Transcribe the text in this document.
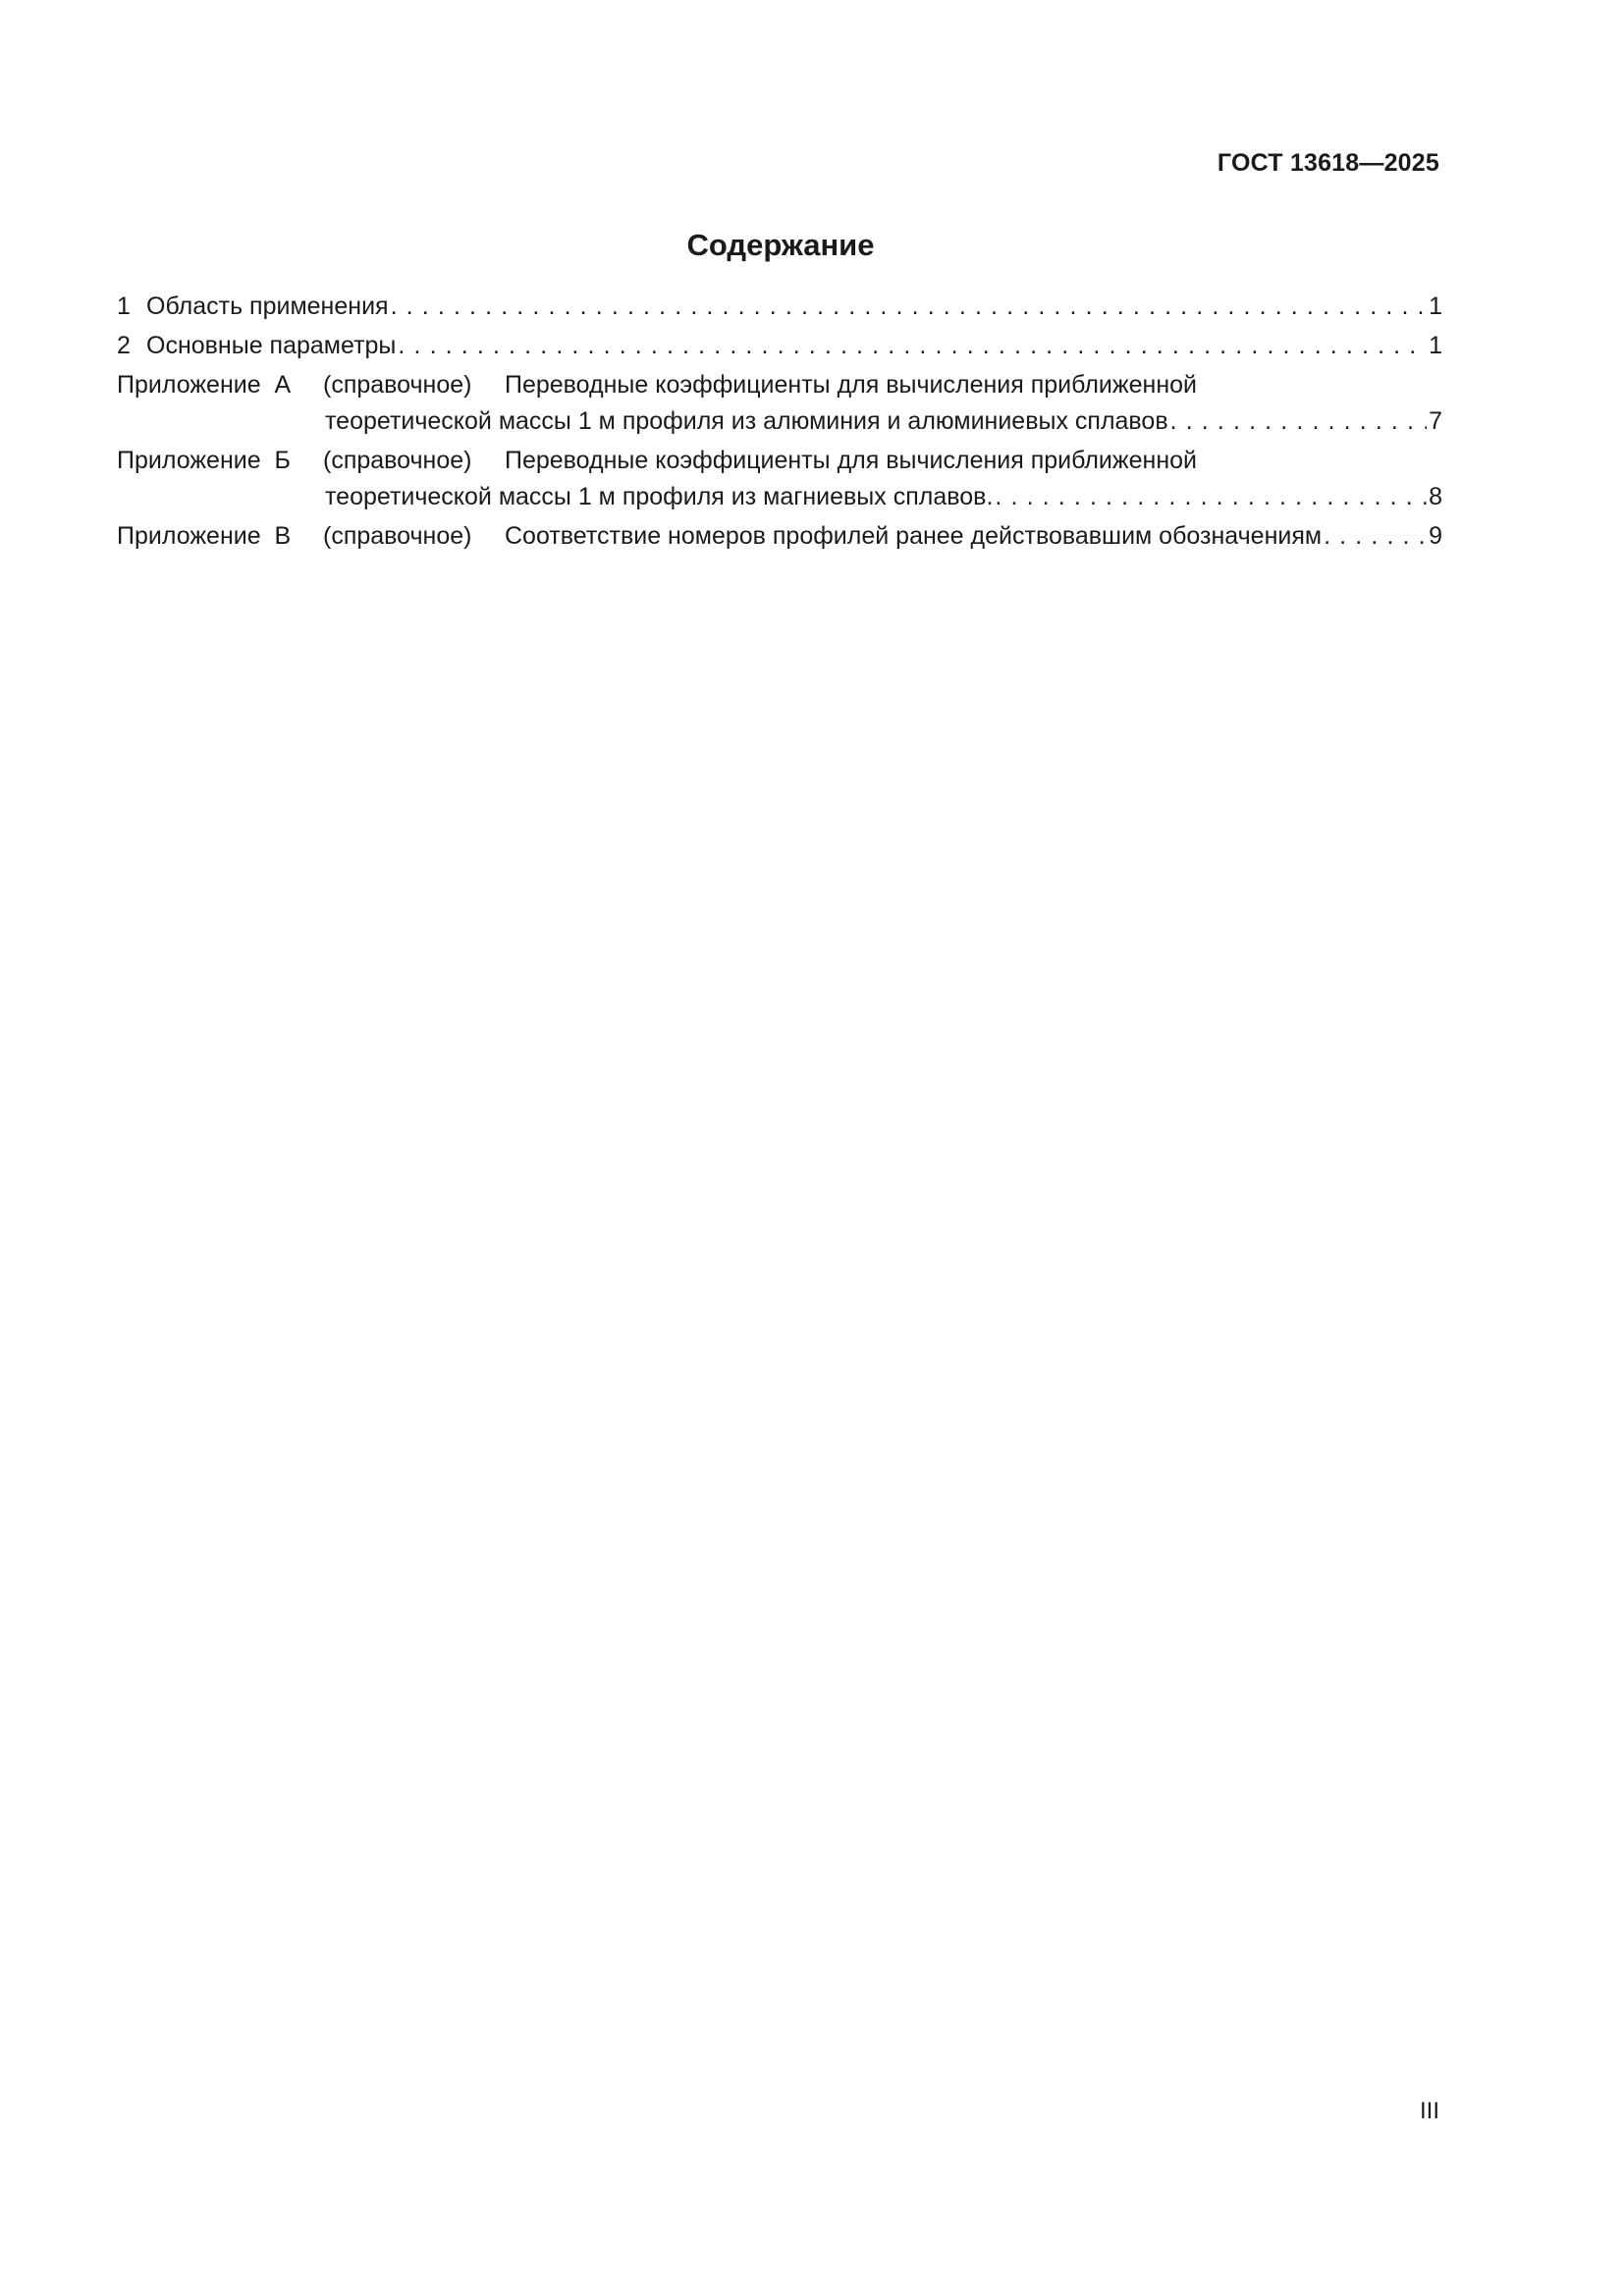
ГОСТ 13618—2025
Содержание
1 Область применения . . .	1
2 Основные параметры . . .	1
Приложение  А	(справочное)	Переводные коэффициенты для вычисления приближенной
теоретической массы 1 м профиля из алюминия и алюминиевых сплавов . . .	7
Приложение  Б	(справочное)	Переводные коэффициенты для вычисления приближенной
теоретической массы 1 м профиля из магниевых сплавов. . . .	8
Приложение  В	(справочное)	Соответствие номеров профилей ранее действовавшим обозначениям . . .	9
III
